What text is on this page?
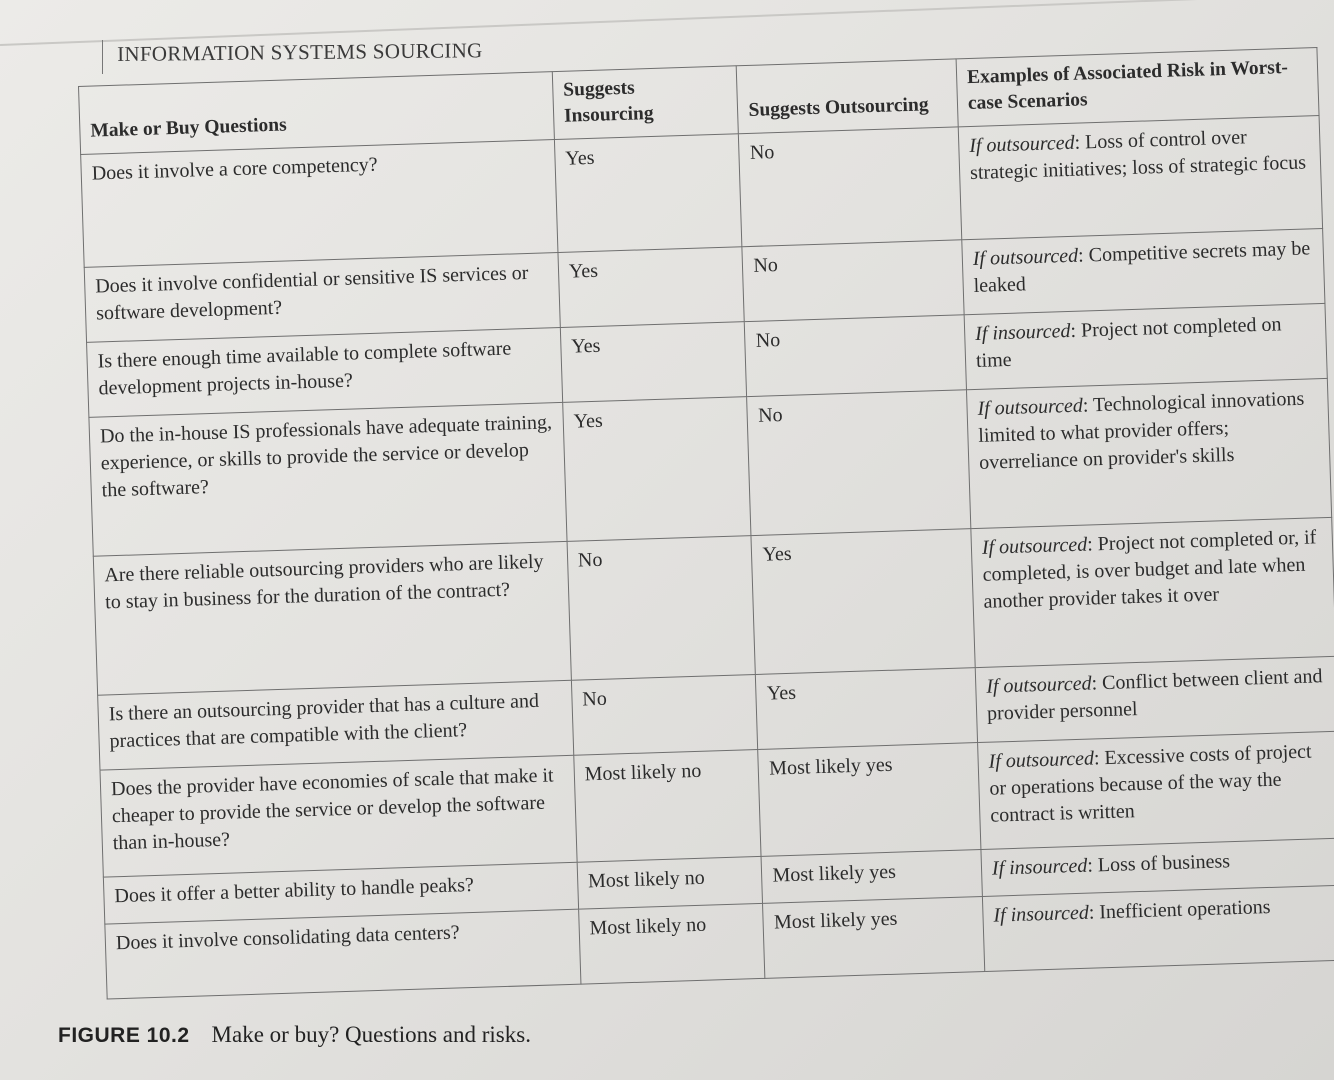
INFORMATION SYSTEMS SOURCING
Make or Buy Questions	Suggests Insourcing	Suggests Outsourcing	Examples of Associated Risk in Worst-case Scenarios
Does it involve a core competency?	Yes	No	If outsourced: Loss of control over strategic initiatives; loss of strategic focus
Does it involve confidential or sensitive IS services or software development?	Yes	No	If outsourced: Competitive secrets may be leaked
Is there enough time available to complete software development projects in-house?	Yes	No	If insourced: Project not completed on time
Do the in-house IS professionals have adequate training, experience, or skills to provide the service or develop the software?	Yes	No	If outsourced: Technological innovations limited to what provider offers; overreliance on provider's skills
Are there reliable outsourcing providers who are likely to stay in business for the duration of the contract?	No	Yes	If outsourced: Project not completed or, if completed, is over budget and late when another provider takes it over
Is there an outsourcing provider that has a culture and practices that are compatible with the client?	No	Yes	If outsourced: Conflict between client and provider personnel
Does the provider have economies of scale that make it cheaper to provide the service or develop the software than in-house?	Most likely no	Most likely yes	If outsourced: Excessive costs of project or operations because of the way the contract is written
Does it offer a better ability to handle peaks?	Most likely no	Most likely yes	If insourced: Loss of business
Does it involve consolidating data centers?	Most likely no	Most likely yes	If insourced: Inefficient operations
FIGURE 10.2 Make or buy? Questions and risks.
